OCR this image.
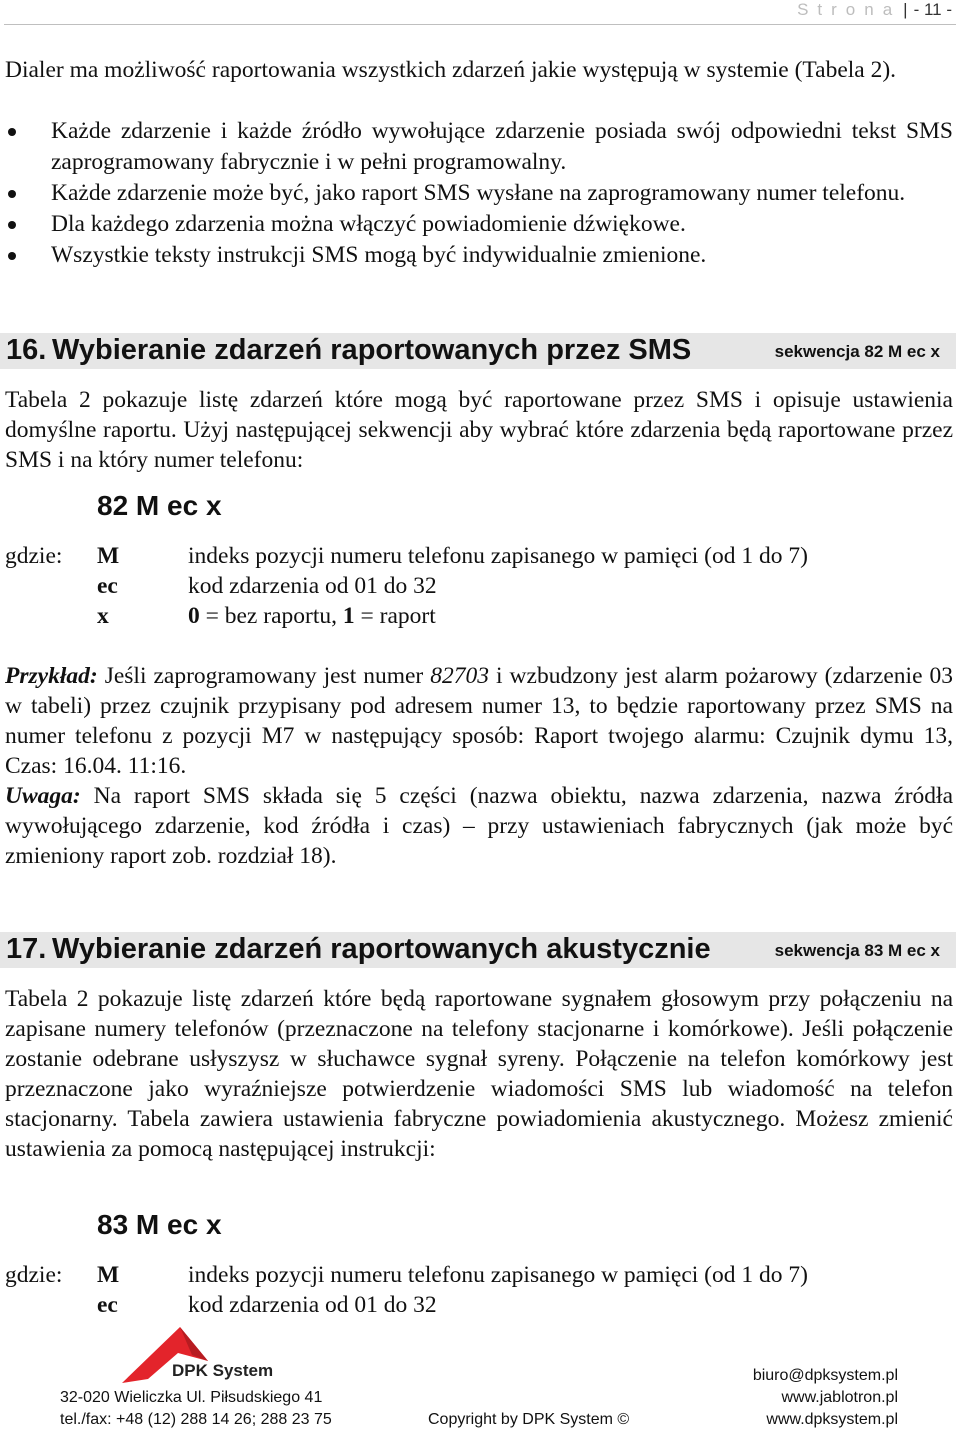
Strona | - 11 -

Dialer ma możliwość raportowania wszystkich zdarzeń jakie występują w systemie (Tabela 2).

Każde zdarzenie i każde źródło wywołujące zdarzenie posiada swój odpowiedni tekst SMS zaprogramowany fabrycznie i w pełni programowalny.
Każde zdarzenie może być, jako raport SMS wysłane na zaprogramowany numer telefonu.
Dla każdego zdarzenia można włączyć powiadomienie dźwiękowe.
Wszystkie teksty instrukcji SMS mogą być indywidualnie zmienione.
16. Wybieranie zdarzeń raportowanych przez SMS	sekwencja 82 M ec x

Tabela 2 pokazuje listę zdarzeń które mogą być raportowane przez SMS i opisuje ustawienia domyślne raportu. Użyj następującej sekwencji aby wybrać które zdarzenia będą raportowane przez SMS i na który numer telefonu:

82 M ec x
gdzie: M	indeks pozycji numeru telefonu zapisanego w pamięci (od 1 do 7)
ec	kod zdarzenia od 01 do 32
x	0 = bez raportu, 1 = raport

Przykład: Jeśli zaprogramowany jest numer 82703 i wzbudzony jest alarm pożarowy (zdarzenie 03 w tabeli) przez czujnik przypisany pod adresem numer 13, to będzie raportowany przez SMS na numer telefonu z pozycji M7 w następujący sposób: Raport twojego alarmu: Czujnik dymu 13, Czas: 16.04. 11:16.

Uwaga: Na raport SMS składa się 5 części (nazwa obiektu, nazwa zdarzenia, nazwa źródła wywołującego zdarzenie, kod źródła i czas) – przy ustawieniach fabrycznych (jak może być zmieniony raport zob. rozdział 18).

17. Wybieranie zdarzeń raportowanych akustycznie	sekwencja 83 M ec x

Tabela 2 pokazuje listę zdarzeń które będą raportowane sygnałem głosowym przy połączeniu na zapisane numery telefonów (przeznaczone na telefony stacjonarne i komórkowe). Jeśli połączenie zostanie odebrane usłyszysz w słuchawce sygnał syreny. Połączenie na telefon komórkowy jest przeznaczone jako wyraźniejsze potwierdzenie wiadomości SMS lub wiadomość na telefon stacjonarny. Tabela zawiera ustawienia fabryczne powiadomienia akustycznego. Możesz zmienić ustawienia za pomocą następującej instrukcji:

83 M ec x
gdzie: M	indeks pozycji numeru telefonu zapisanego w pamięci (od 1 do 7)
ec	kod zdarzenia od 01 do 32
DPK System
32-020 Wieliczka Ul. Piłsudskiego 41
tel./fax: +48 (12) 288 14 26; 288 23 75	Copyright by DPK System ©
biuro@dpksystem.pl
www.jablotron.pl
www.dpksystem.pl
